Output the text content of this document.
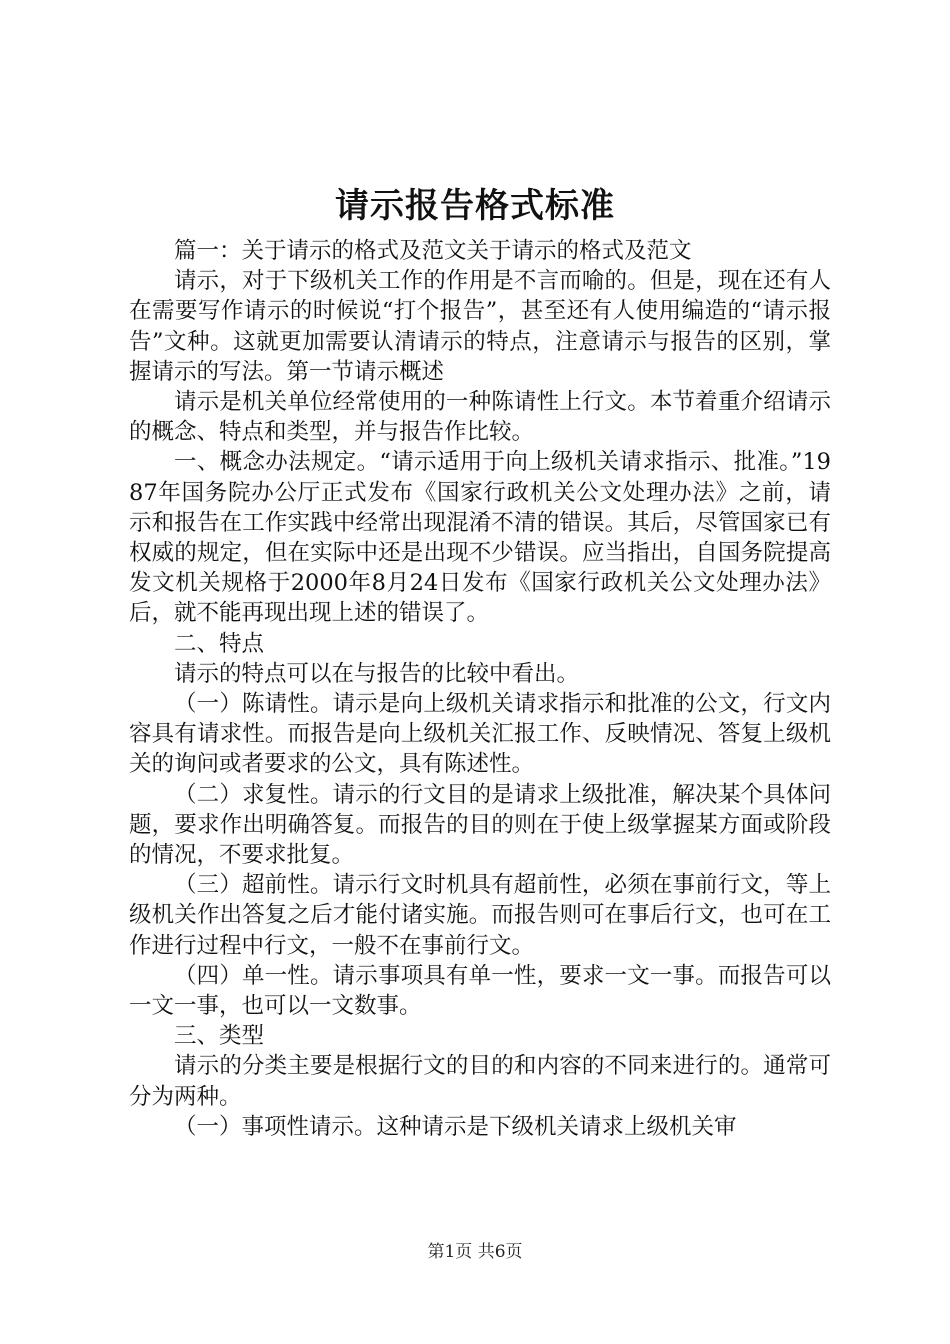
请示报告格式标准

篇一：关于请示的格式及范文关于请示的格式及范文

请示，对于下级机关工作的作用是不言而喻的。但是，现在还有人在需要写作请示的时候说“打个报告”，甚至还有人使用编造的“请示报告”文种。这就更加需要认清请示的特点，注意请示与报告的区别，掌握请示的写法。第一节请示概述

请示是机关单位经常使用的一种陈请性上行文。本节着重介绍请示的概念、特点和类型，并与报告作比较。

一、概念办法规定。“请示适用于向上级机关请求指示、批准。”1987年国务院办公厅正式发布《国家行政机关公文处理办法》之前，请示和报告在工作实践中经常出现混淆不清的错误。其后，尽管国家已有权威的规定，但在实际中还是出现不少错误。应当指出，自国务院提高发文机关规格于2000年8月24日发布《国家行政机关公文处理办法》后，就不能再现出现上述的错误了。

二、特点

请示的特点可以在与报告的比较中看出。

（一）陈请性。请示是向上级机关请求指示和批准的公文，行文内容具有请求性。而报告是向上级机关汇报工作、反映情况、答复上级机关的询问或者要求的公文，具有陈述性。

（二）求复性。请示的行文目的是请求上级批准，解决某个具体问题，要求作出明确答复。而报告的目的则在于使上级掌握某方面或阶段的情况，不要求批复。

（三）超前性。请示行文时机具有超前性，必须在事前行文，等上级机关作出答复之后才能付诸实施。而报告则可在事后行文，也可在工作进行过程中行文，一般不在事前行文。

（四）单一性。请示事项具有单一性，要求一文一事。而报告可以一文一事，也可以一文数事。

三、类型

请示的分类主要是根据行文的目的和内容的不同来进行的。通常可分为两种。

（一）事项性请示。这种请示是下级机关请求上级机关审

第1页 共6页
